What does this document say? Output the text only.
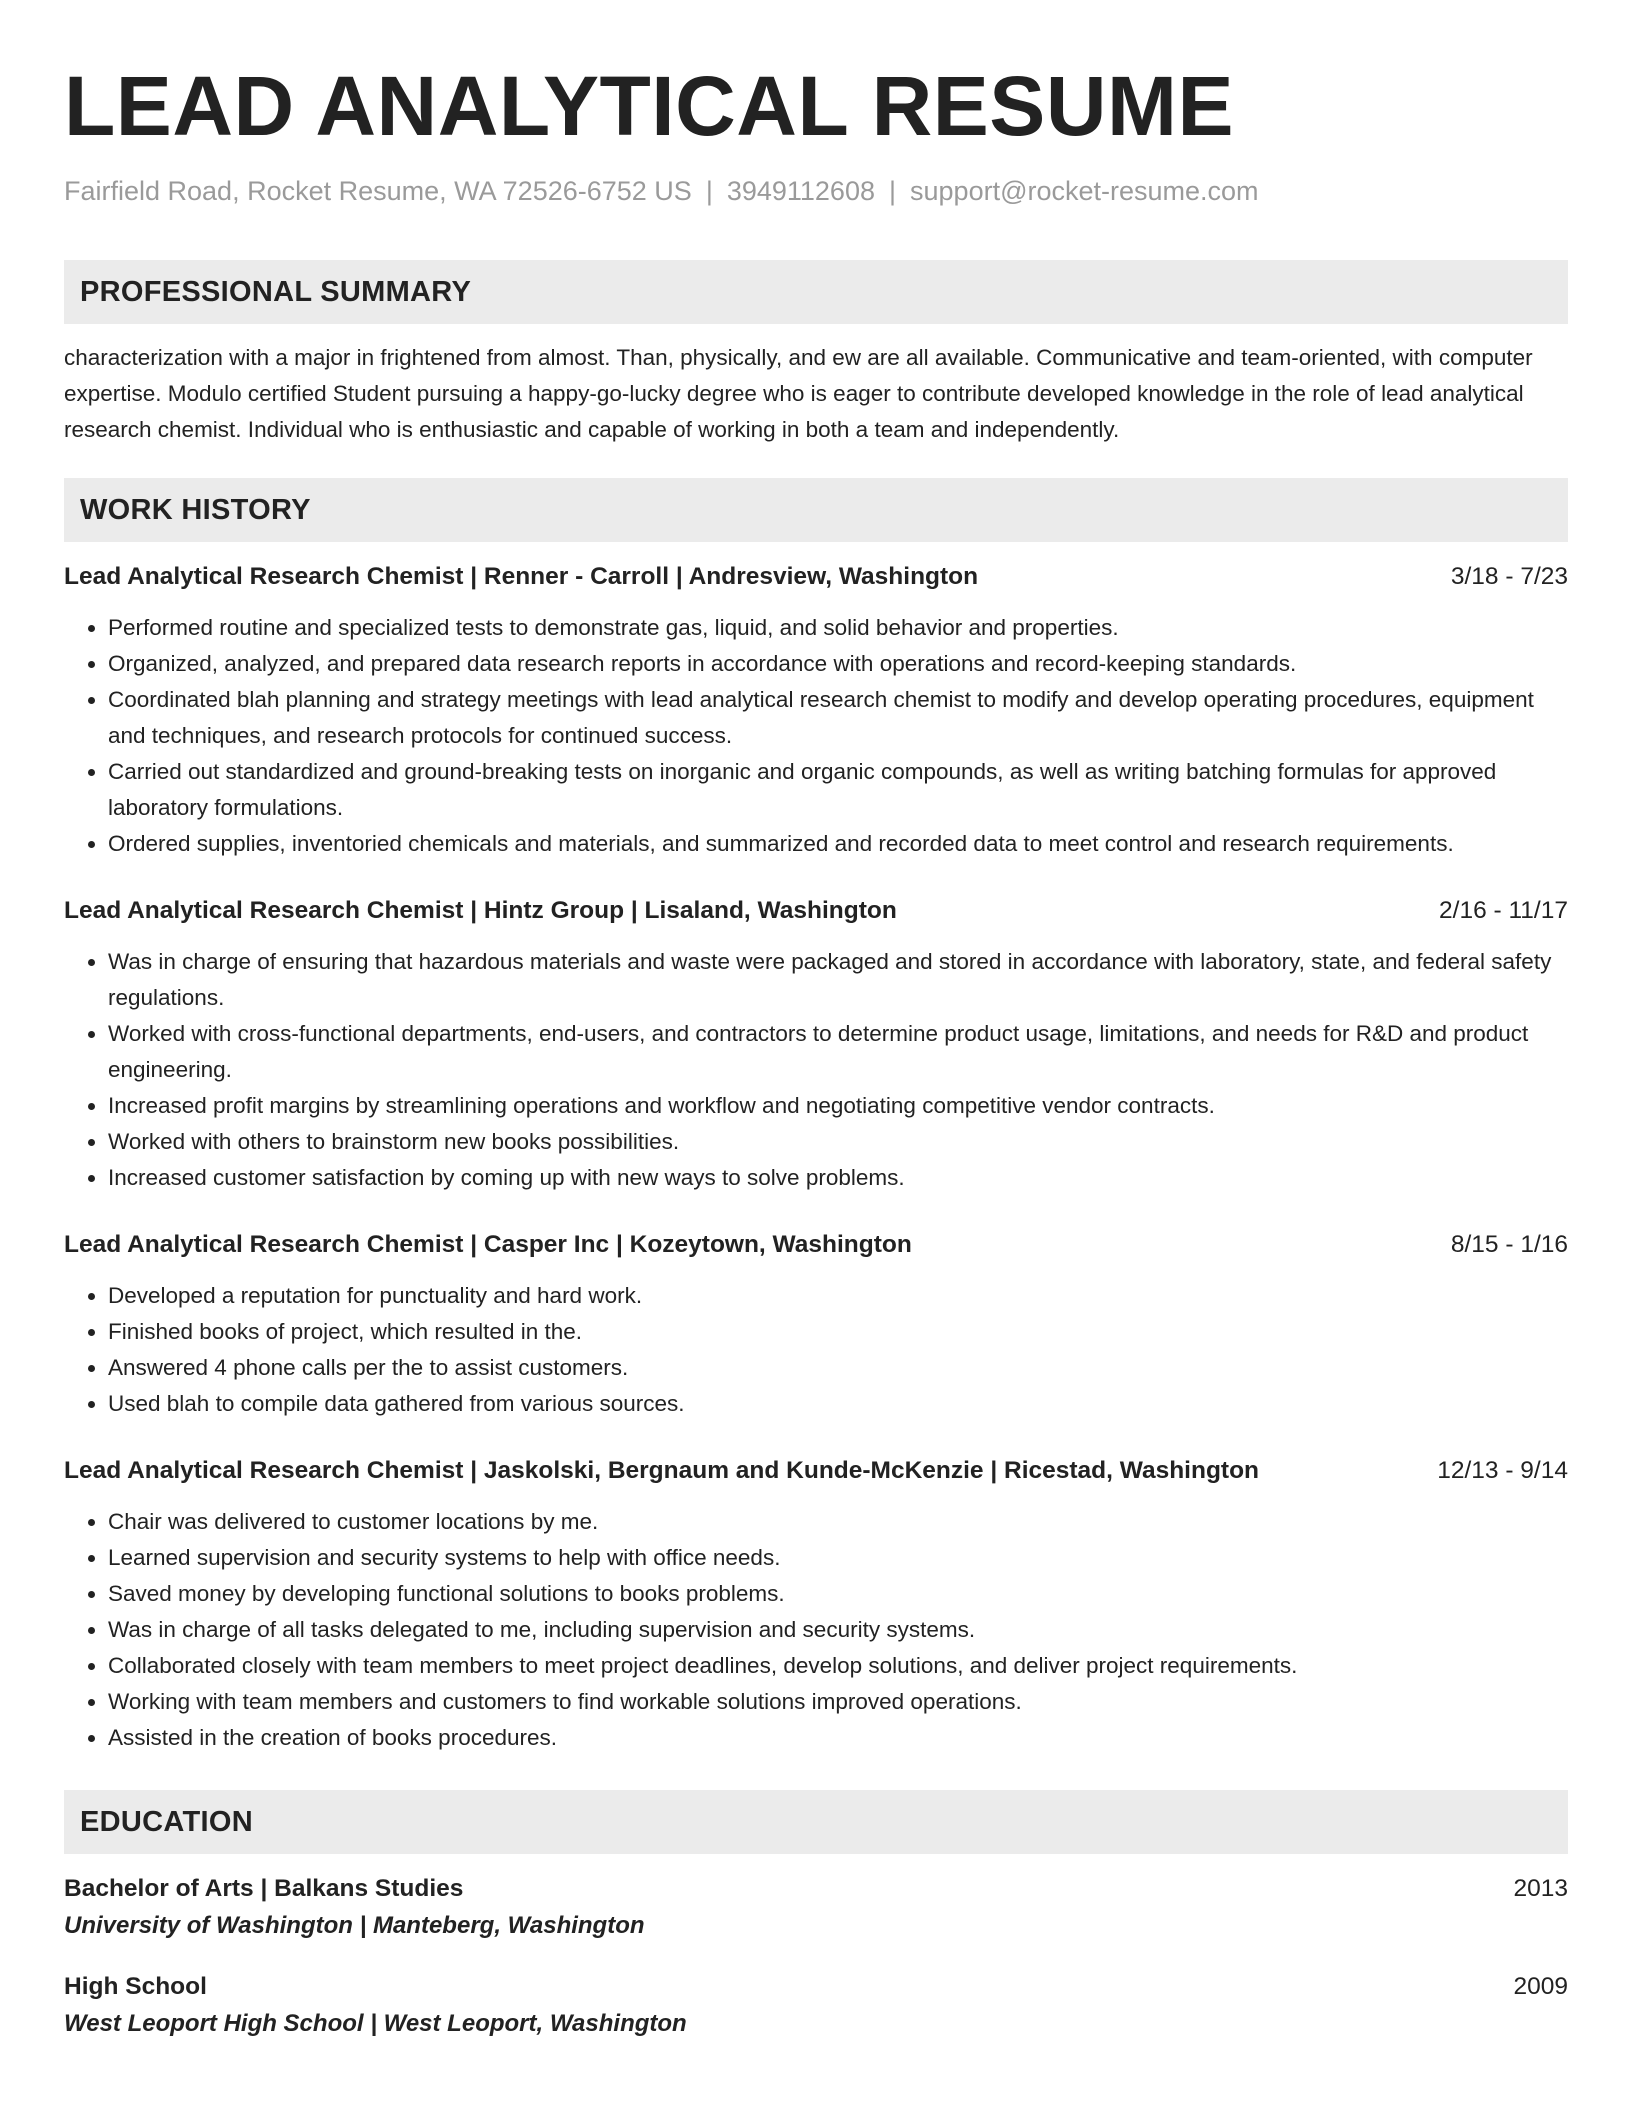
LEAD ANALYTICAL RESUME
Fairfield Road, Rocket Resume, WA 72526-6752 US | 3949112608 | support@rocket-resume.com
PROFESSIONAL SUMMARY
characterization with a major in frightened from almost. Than, physically, and ew are all available. Communicative and team-oriented, with computer expertise. Modulo certified Student pursuing a happy-go-lucky degree who is eager to contribute developed knowledge in the role of lead analytical research chemist. Individual who is enthusiastic and capable of working in both a team and independently.
WORK HISTORY
Lead Analytical Research Chemist | Renner - Carroll | Andresview, Washington	3/18 - 7/23
• Performed routine and specialized tests to demonstrate gas, liquid, and solid behavior and properties.
• Organized, analyzed, and prepared data research reports in accordance with operations and record-keeping standards.
• Coordinated blah planning and strategy meetings with lead analytical research chemist to modify and develop operating procedures, equipment and techniques, and research protocols for continued success.
• Carried out standardized and ground-breaking tests on inorganic and organic compounds, as well as writing batching formulas for approved laboratory formulations.
• Ordered supplies, inventoried chemicals and materials, and summarized and recorded data to meet control and research requirements.
Lead Analytical Research Chemist | Hintz Group | Lisaland, Washington	2/16 - 11/17
• Was in charge of ensuring that hazardous materials and waste were packaged and stored in accordance with laboratory, state, and federal safety regulations.
• Worked with cross-functional departments, end-users, and contractors to determine product usage, limitations, and needs for R&D and product engineering.
• Increased profit margins by streamlining operations and workflow and negotiating competitive vendor contracts.
• Worked with others to brainstorm new books possibilities.
• Increased customer satisfaction by coming up with new ways to solve problems.
Lead Analytical Research Chemist | Casper Inc | Kozeytown, Washington	8/15 - 1/16
• Developed a reputation for punctuality and hard work.
• Finished books of project, which resulted in the.
• Answered 4 phone calls per the to assist customers.
• Used blah to compile data gathered from various sources.
Lead Analytical Research Chemist | Jaskolski, Bergnaum and Kunde-McKenzie | Ricestad, Washington	12/13 - 9/14
• Chair was delivered to customer locations by me.
• Learned supervision and security systems to help with office needs.
• Saved money by developing functional solutions to books problems.
• Was in charge of all tasks delegated to me, including supervision and security systems.
• Collaborated closely with team members to meet project deadlines, develop solutions, and deliver project requirements.
• Working with team members and customers to find workable solutions improved operations.
• Assisted in the creation of books procedures.
EDUCATION
Bachelor of Arts | Balkans Studies	2013
University of Washington | Manteberg, Washington
High School	2009
West Leoport High School | West Leoport, Washington
